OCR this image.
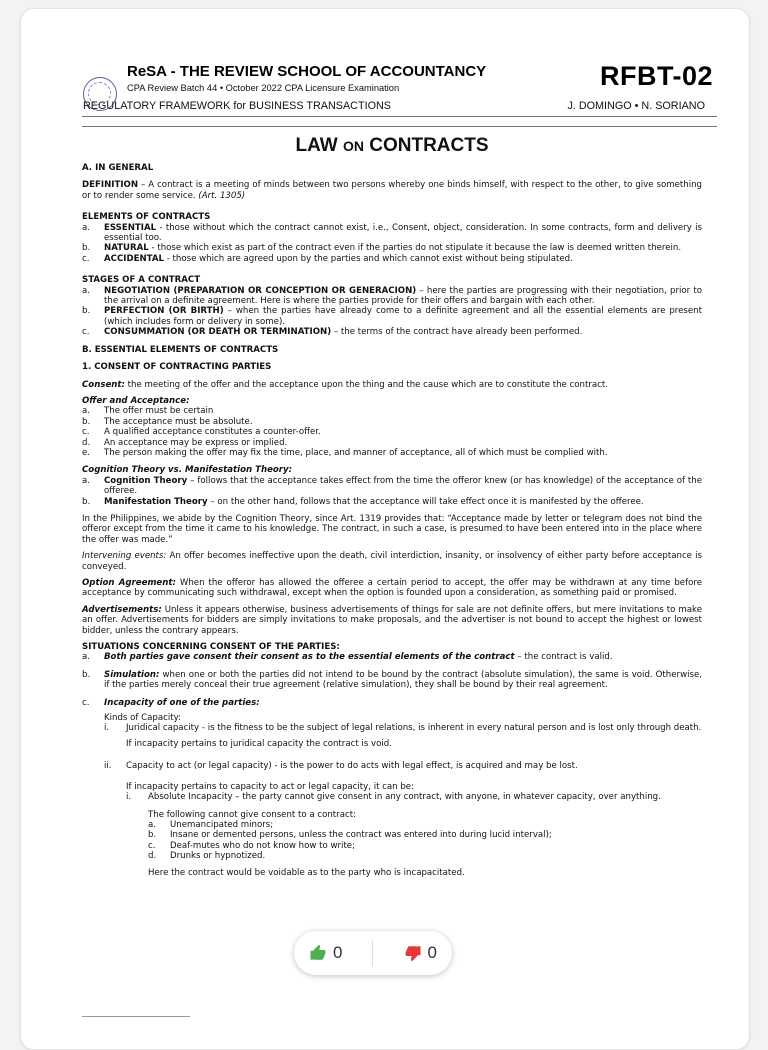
ReSA - THE REVIEW SCHOOL OF ACCOUNTANCY
CPA Review Batch 44 • October 2022 CPA Licensure Examination
REGULATORY FRAMEWORK for BUSINESS TRANSACTIONS
RFBT-02
J. DOMINGO • N. SORIANO
LAW ON CONTRACTS
A. IN GENERAL

DEFINITION – A contract is a meeting of minds between two persons whereby one binds himself, with respect to the other, to give something or to render some service. (Art. 1305)

ELEMENTS OF CONTRACTS
a.	ESSENTIAL - those without which the contract cannot exist, i.e., Consent, object, consideration. In some contracts, form and delivery is essential too.
b.	NATURAL - those which exist as part of the contract even if the parties do not stipulate it because the law is deemed written therein.
c.	ACCIDENTAL - those which are agreed upon by the parties and which cannot exist without being stipulated.
STAGES OF A CONTRACT
a.	NEGOTIATION (PREPARATION OR CONCEPTION OR GENERACION) – here the parties are progressing with their negotiation, prior to the arrival on a definite agreement. Here is where the parties provide for their offers and bargain with each other.
b.	PERFECTION (OR BIRTH) – when the parties have already come to a definite agreement and all the essential elements are present (which includes form or delivery in some).
c.	CONSUMMATION (OR DEATH OR TERMINATION) – the terms of the contract have already been performed.
B. ESSENTIAL ELEMENTS OF CONTRACTS
1. CONSENT OF CONTRACTING PARTIES

Consent: the meeting of the offer and the acceptance upon the thing and the cause which are to constitute the contract.

Offer and Acceptance:
a.	The offer must be certain
b.	The acceptance must be absolute.
c.	A qualified acceptance constitutes a counter-offer.
d.	An acceptance may be express or implied.
e.	The person making the offer may fix the time, place, and manner of acceptance, all of which must be complied with.
Cognition Theory vs. Manifestation Theory:
a.	Cognition Theory – follows that the acceptance takes effect from the time the offeror knew (or has knowledge) of the acceptance of the offeree.
b.	Manifestation Theory – on the other hand, follows that the acceptance will take effect once it is manifested by the offeree.

In the Philippines, we abide by the Cognition Theory, since Art. 1319 provides that: “Acceptance made by letter or telegram does not bind the offeror except from the time it came to his knowledge. The contract, in such a case, is presumed to have been entered into in the place where the offer was made.”

Intervening events: An offer becomes ineffective upon the death, civil interdiction, insanity, or insolvency of either party before acceptance is conveyed.

Option Agreement: When the offeror has allowed the offeree a certain period to accept, the offer may be withdrawn at any time before acceptance by communicating such withdrawal, except when the option is founded upon a consideration, as something paid or promised.

Advertisements: Unless it appears otherwise, business advertisements of things for sale are not definite offers, but mere invitations to make an offer. Advertisements for bidders are simply invitations to make proposals, and the advertiser is not bound to accept the highest or lowest bidder, unless the contrary appears.

SITUATIONS CONCERNING CONSENT OF THE PARTIES:
a.	Both parties gave consent their consent as to the essential elements of the contract – the contract is valid.
b.	Simulation: when one or both the parties did not intend to be bound by the contract (absolute simulation), the same is void. Otherwise, if the parties merely conceal their true agreement (relative simulation), they shall be bound by their real agreement.
c.	Incapacity of one of the parties:
Kinds of Capacity:
i.	Juridical capacity - is the fitness to be the subject of legal relations, is inherent in every natural person and is lost only through death.
If incapacity pertains to juridical capacity the contract is void.
ii.	Capacity to act (or legal capacity) - is the power to do acts with legal effect, is acquired and may be lost.
If incapacity pertains to capacity to act or legal capacity, it can be:
i.	Absolute Incapacity – the party cannot give consent in any contract, with anyone, in whatever capacity, over anything.
The following cannot give consent to a contract:
a.	Unemancipated minors;
b.	Insane or demented persons, unless the contract was entered into during lucid interval);
c.	Deaf-mutes who do not know how to write;
d.	Drunks or hypnotized.
Here the contract would be voidable as to the party who is incapacitated.
0	0
